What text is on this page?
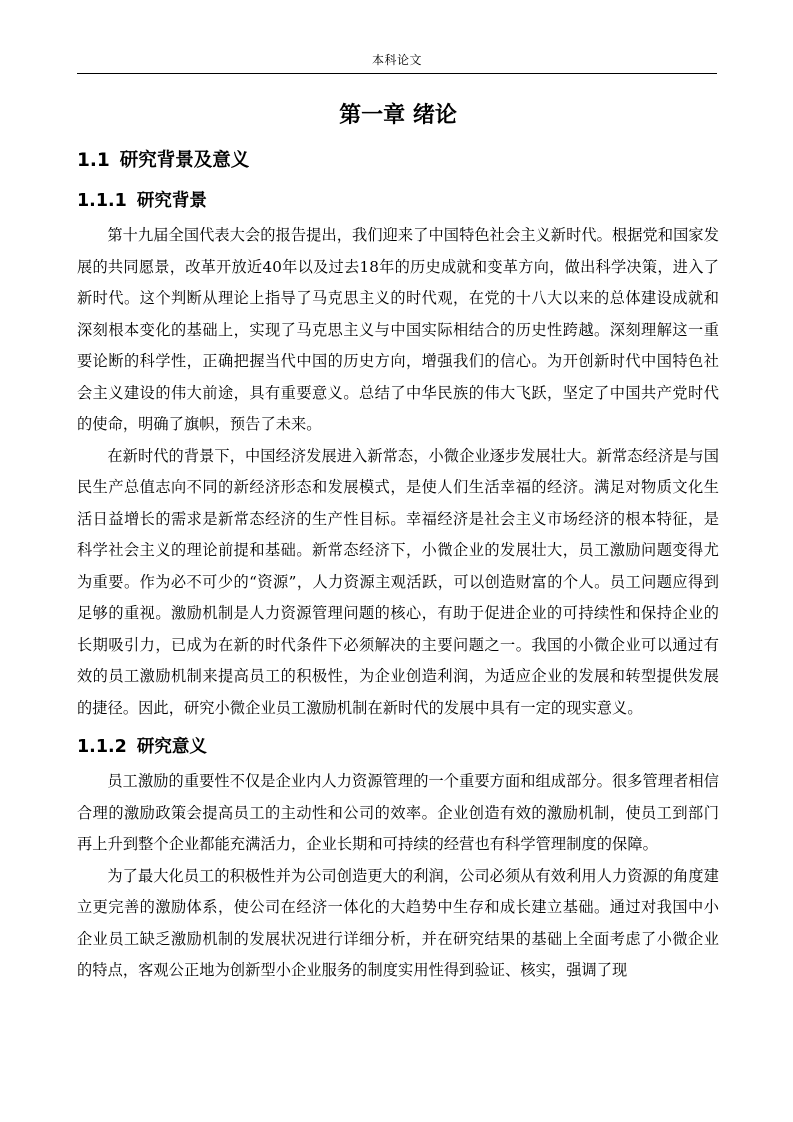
本科论文
第一章 绪论
1.1 研究背景及意义
1.1.1 研究背景

第十九届全国代表大会的报告提出，我们迎来了中国特色社会主义新时代。根据党和国家发展的共同愿景，改革开放近40年以及过去18年的历史成就和变革方向，做出科学决策，进入了新时代。这个判断从理论上指导了马克思主义的时代观，在党的十八大以来的总体建设成就和深刻根本变化的基础上，实现了马克思主义与中国实际相结合的历史性跨越。深刻理解这一重要论断的科学性，正确把握当代中国的历史方向，增强我们的信心。为开创新时代中国特色社会主义建设的伟大前途，具有重要意义。总结了中华民族的伟大飞跃，坚定了中国共产党时代的使命，明确了旗帜，预告了未来。

在新时代的背景下，中国经济发展进入新常态，小微企业逐步发展壮大。新常态经济是与国民生产总值志向不同的新经济形态和发展模式，是使人们生活幸福的经济。满足对物质文化生活日益增长的需求是新常态经济的生产性目标。幸福经济是社会主义市场经济的根本特征，是科学社会主义的理论前提和基础。新常态经济下，小微企业的发展壮大，员工激励问题变得尤为重要。作为必不可少的“资源”，人力资源主观活跃，可以创造财富的个人。员工问题应得到足够的重视。激励机制是人力资源管理问题的核心，有助于促进企业的可持续性和保持企业的长期吸引力，已成为在新的时代条件下必须解决的主要问题之一。我国的小微企业可以通过有效的员工激励机制来提高员工的积极性，为企业创造利润，为适应企业的发展和转型提供发展的捷径。因此，研究小微企业员工激励机制在新时代的发展中具有一定的现实意义。

1.1.2 研究意义

员工激励的重要性不仅是企业内人力资源管理的一个重要方面和组成部分。很多管理者相信合理的激励政策会提高员工的主动性和公司的效率。企业创造有效的激励机制，使员工到部门再上升到整个企业都能充满活力，企业长期和可持续的经营也有科学管理制度的保障。

为了最大化员工的积极性并为公司创造更大的利润，公司必须从有效利用人力资源的角度建立更完善的激励体系，使公司在经济一体化的大趋势中生存和成长建立基础。通过对我国中小企业员工缺乏激励机制的发展状况进行详细分析，并在研究结果的基础上全面考虑了小微企业的特点，客观公正地为创新型小企业服务的制度实用性得到验证、核实，强调了现
